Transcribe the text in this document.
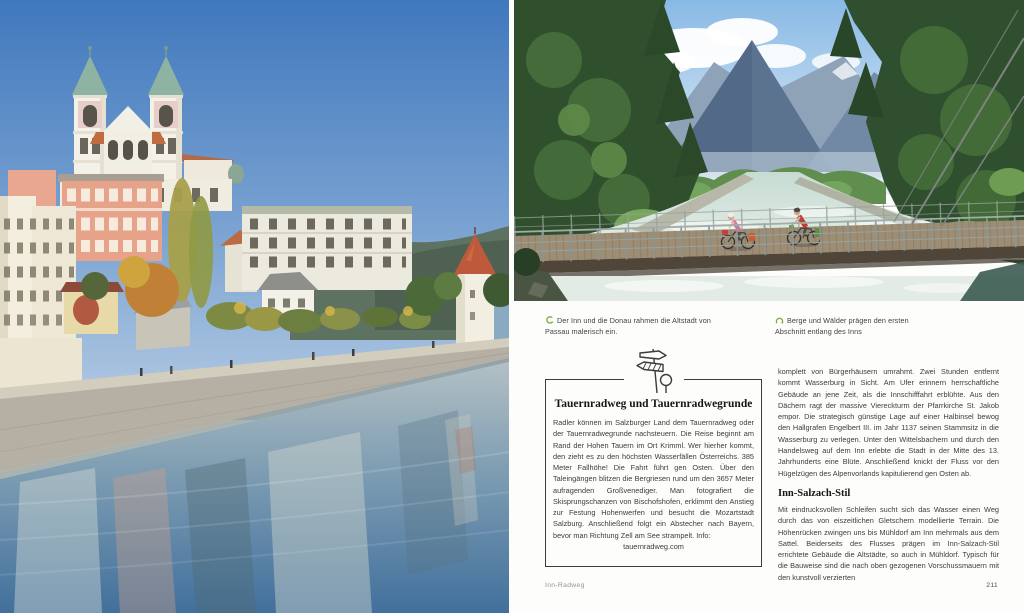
Der Inn und die Donau rahmen die Altstadt von Passau malerisch ein.

Berge und Wälder prägen den ersten Abschnitt entlang des Inns

Tauernradweg und Tauernradwegrunde

Radler können im Salzburger Land dem Tauernradweg oder der Tauernradwegrunde nachsteuern. Die Reise beginnt am Rand der Hohen Tauern im Ort Krimml. Wer hierher kommt, den zieht es zu den höchsten Wasserfällen Österreichs. 385 Meter Fallhöhe! Die Fahrt führt gen Osten. Über den Taleingängen blitzen die Bergriesen rund um den 3657 Meter aufragenden Großvenediger. Man fotografiert die Skisprungschanzen von Bischofshofen, erklimmt den Anstieg zur Festung Hohenwerfen und besucht die Mozartstadt Salzburg. Anschließend folgt ein Abstecher nach Bayern, bevor man Richtung Zell am See strampelt. Info:

tauernradweg.com

komplett von Bürgerhäusern umrahmt. Zwei Stunden entfernt kommt Wasserburg in Sicht. Am Ufer erinnern herrschaftliche Gebäude an jene Zeit, als die Innschifffahrt erblühte. Aus den Dächern ragt der massive Viereckturm der Pfarrkirche St. Jakob empor. Die strategisch günstige Lage auf einer Halbinsel bewog den Hallgrafen Engelbert III. im Jahr 1137 seinen Stammsitz in die Wasserburg zu verlegen. Unter den Wittelsbachern und durch den Handelsweg auf dem Inn erlebte die Stadt in der Mitte des 13. Jahrhunderts eine Blüte. Anschließend knickt der Fluss vor den Hügelzügen des Alpenvorlands kapitulierend gen Osten ab.

Inn-Salzach-Stil

Mit eindrucksvollen Schleifen sucht sich das Wasser einen Weg durch das von eiszeitlichen Gletschern modellierte Terrain. Die Höhenrücken zwingen uns bis Mühldorf am Inn mehrmals aus dem Sattel. Beiderseits des Flusses prägen im Inn-Salzach-Stil errichtete Gebäude die Altstädte, so auch in Mühldorf. Typisch für die Bauweise sind die nach oben gezogenen Vorschussmauern mit den kunstvoll verzierten

Inn-Radweg	211
